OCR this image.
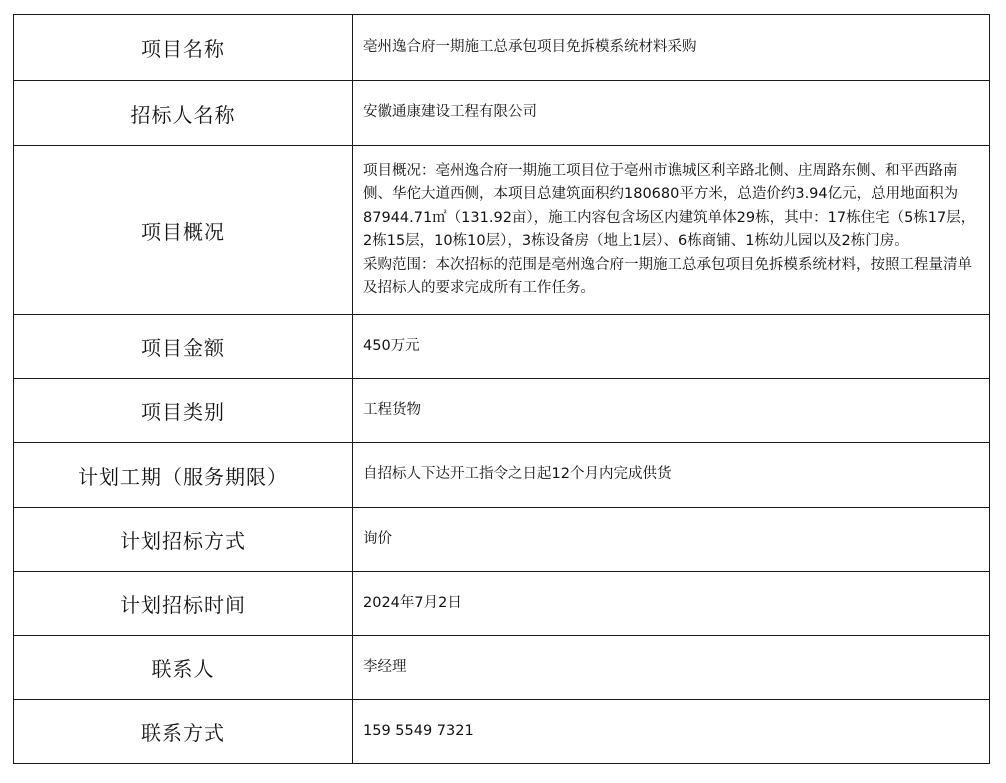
项目名称	亳州逸合府一期施工总承包项目免拆模系统材料采购
招标人名称	安徽通康建设工程有限公司
项目概况	项目概况：亳州逸合府一期施工项目位于亳州市谯城区利辛路北侧、庄周路东侧、和平西路南侧、华佗大道西侧，本项目总建筑面积约180680平方米，总造价约3.94亿元，总用地面积为87944.71㎡（131.92亩），施工内容包含场区内建筑单体29栋，其中：17栋住宅（5栋17层，2栋15层，10栋10层），3栋设备房（地上1层）、6栋商铺、1栋幼儿园以及2栋门房。

采购范围：本次招标的范围是亳州逸合府一期施工总承包项目免拆模系统材料，按照工程量清单及招标人的要求完成所有工作任务。

项目金额	450万元
项目类别	工程货物
计划工期（服务期限）	自招标人下达开工指令之日起12个月内完成供货
计划招标方式	询价
计划招标时间	2024年7月2日
联系人	李经理
联系方式	159 5549 7321
